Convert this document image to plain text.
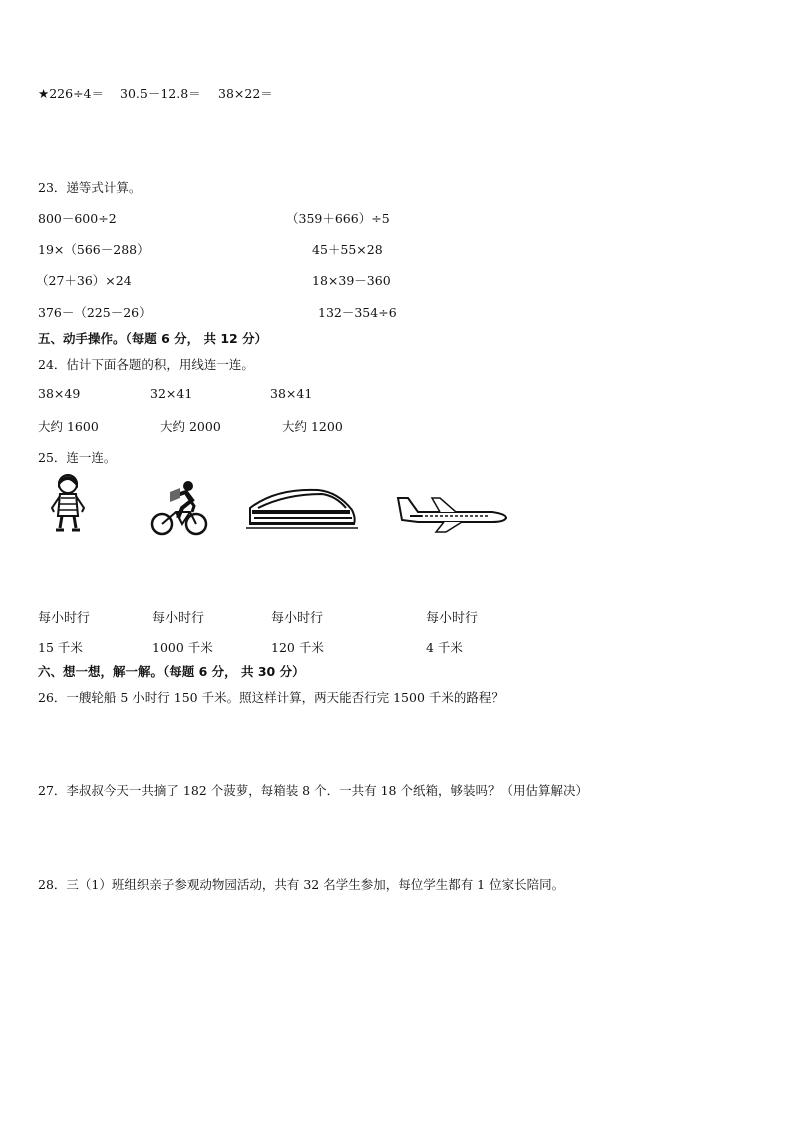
★226÷4＝ 30.5－12.8＝ 38×22＝
23．递等式计算。
800－600÷2	（359＋666）÷5
19×（566－288）	45＋55×28
（27＋36）×24	18×39－360
376－（225－26）	132－354÷6
五、动手操作。（每题 6 分， 共 12 分）
24．估计下面各题的积，用线连一连。
38×49	32×41	38×41
大约 1600	大约 2000	大约 1200
25．连一连。
每小时行	每小时行	每小时行	每小时行
15 千米	1000 千米	120 千米	4 千米
六、想一想，解一解。（每题 6 分， 共 30 分）
26．一艘轮船 5 小时行 150 千米。照这样计算，两天能否行完 1500 千米的路程？
27．李叔叔今天一共摘了 182 个菠萝，每箱装 8 个．一共有 18 个纸箱，够装吗？（用估算解决）
28．三（1）班组织亲子参观动物园活动，共有 32 名学生参加，每位学生都有 1 位家长陪同。
